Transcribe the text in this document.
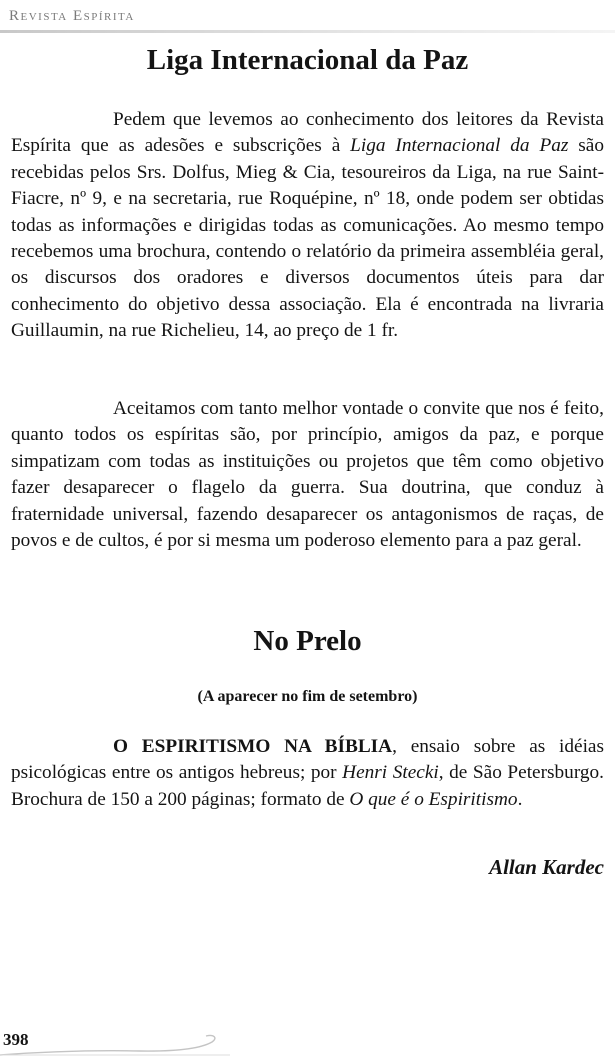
Revista Espírita
Liga Internacional da Paz

Pedem que levemos ao conhecimento dos leitores da Revista Espírita que as adesões e subscrições à Liga Internacional da Paz são recebidas pelos Srs. Dolfus, Mieg & Cia, tesoureiros da Liga, na rue Saint-Fiacre, nº 9, e na secretaria, rue Roquépine, nº 18, onde podem ser obtidas todas as informações e dirigidas todas as comunicações. Ao mesmo tempo recebemos uma brochura, contendo o relatório da primeira assembléia geral, os discursos dos oradores e diversos documentos úteis para dar conhecimento do objetivo dessa associação. Ela é encontrada na livraria Guillaumin, na rue Richelieu, 14, ao preço de 1 fr.

Aceitamos com tanto melhor vontade o convite que nos é feito, quanto todos os espíritas são, por princípio, amigos da paz, e porque simpatizam com todas as instituições ou projetos que têm como objetivo fazer desaparecer o flagelo da guerra. Sua doutrina, que conduz à fraternidade universal, fazendo desaparecer os antagonismos de raças, de povos e de cultos, é por si mesma um poderoso elemento para a paz geral.

No Prelo
(A aparecer no fim de setembro)

O ESPIRITISMO NA BÍBLIA, ensaio sobre as idéias psicológicas entre os antigos hebreus; por Henri Stecki, de São Petersburgo. Brochura de 150 a 200 páginas; formato de O que é o Espiritismo.

Allan Kardec
398
